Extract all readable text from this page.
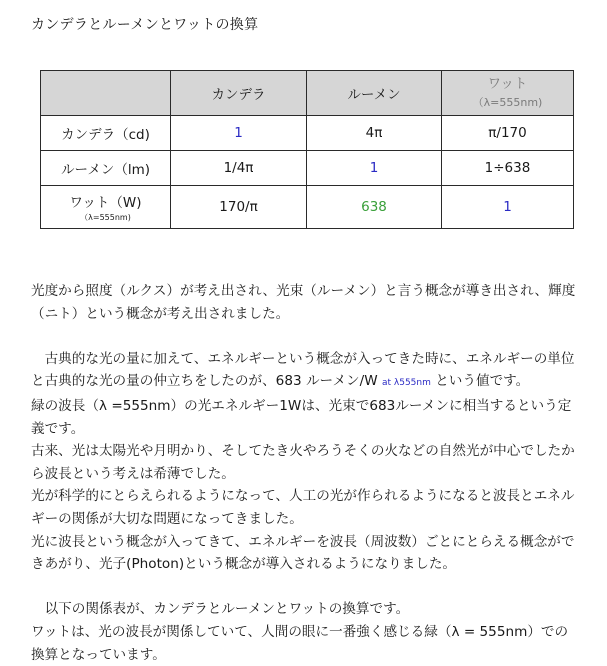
カンデラとルーメンとワットの換算
	カンデラ	ルーメン	ワット
（λ=555nm)

カンデラ（cd)	1	4π	π/170
ルーメン（lm)	1/4π	1	1÷638
ワット（W)
（λ=555nm)	170/π	638	1

光度から照度（ルクス）が考え出され、光束（ルーメン）と言う概念が導き出され、輝度（ニト）という概念が考え出されました。

　古典的な光の量に加えて、エネルギーという概念が入ってきた時に、エネルギーの単位と古典的な光の量の仲立ちをしたのが、683 ルーメン/W at λ555nm という値です。

緑の波長（λ =555nm）の光エネルギー1Wは、光束で683ルーメンに相当するという定義です。

古来、光は太陽光や月明かり、そしてたき火やろうそくの火などの自然光が中心でしたから波長という考えは希薄でした。

光が科学的にとらえられるようになって、人工の光が作られるようになると波長とエネルギーの関係が大切な問題になってきました。

光に波長という概念が入ってきて、エネルギーを波長（周波数）ごとにとらえる概念ができあがり、光子(Photon)という概念が導入されるようになりました。

　以下の関係表が、カンデラとルーメンとワットの換算です。

ワットは、光の波長が関係していて、人間の眼に一番強く感じる緑（λ = 555nm）での換算となっています。
